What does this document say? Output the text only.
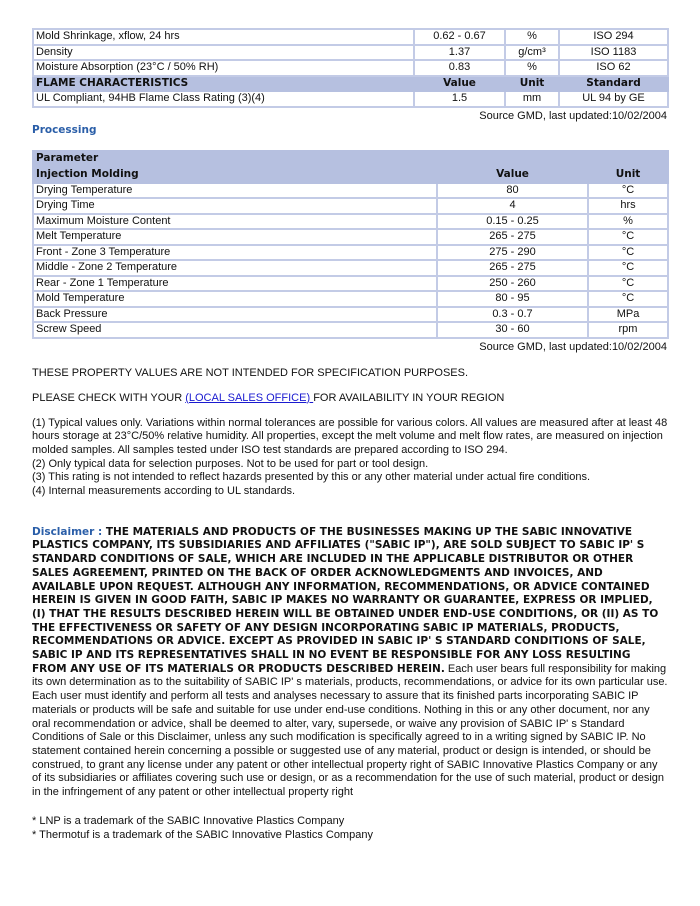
Mold Shrinkage, xflow, 24 hrs	0.62 - 0.67	%	ISO 294
Density	1.37	g/cm³	ISO 1183
Moisture Absorption (23°C / 50% RH)	0.83	%	ISO 62
FLAME CHARACTERISTICS	Value	Unit	Standard
UL Compliant, 94HB Flame Class Rating (3)(4)	1.5	mm	UL 94 by GE
Source GMD, last updated:10/02/2004
Processing
Parameter		
Injection Molding	Value	Unit
Drying Temperature	80	°C
Drying Time	4	hrs
Maximum Moisture Content	0.15 - 0.25	%
Melt Temperature	265 - 275	°C
Front - Zone 3 Temperature	275 - 290	°C
Middle - Zone 2 Temperature	265 - 275	°C
Rear - Zone 1 Temperature	250 - 260	°C
Mold Temperature	80 - 95	°C
Back Pressure	0.3 - 0.7	MPa
Screw Speed	30 - 60	rpm
Source GMD, last updated:10/02/2004

THESE PROPERTY VALUES ARE NOT INTENDED FOR SPECIFICATION PURPOSES.

PLEASE CHECK WITH YOUR (LOCAL SALES OFFICE) FOR AVAILABILITY IN YOUR REGION

(1) Typical values only. Variations within normal tolerances are possible for various colors. All values are measured after at least 48 hours storage at 23°C/50% relative humidity. All properties, except the melt volume and melt flow rates, are measured on injection molded samples. All samples tested under ISO test standards are prepared according to ISO 294.

(2) Only typical data for selection purposes. Not to be used for part or tool design.

(3) This rating is not intended to reflect hazards presented by this or any other material under actual fire conditions.

(4) Internal measurements according to UL standards.

Disclaimer : THE MATERIALS AND PRODUCTS OF THE BUSINESSES MAKING UP THE SABIC INNOVATIVE PLASTICS COMPANY, ITS SUBSIDIARIES AND AFFILIATES ("SABIC IP"), ARE SOLD SUBJECT TO SABIC IP' S STANDARD CONDITIONS OF SALE, WHICH ARE INCLUDED IN THE APPLICABLE DISTRIBUTOR OR OTHER SALES AGREEMENT, PRINTED ON THE BACK OF ORDER ACKNOWLEDGMENTS AND INVOICES, AND AVAILABLE UPON REQUEST. ALTHOUGH ANY INFORMATION, RECOMMENDATIONS, OR ADVICE CONTAINED HEREIN IS GIVEN IN GOOD FAITH, SABIC IP MAKES NO WARRANTY OR GUARANTEE, EXPRESS OR IMPLIED, (I) THAT THE RESULTS DESCRIBED HEREIN WILL BE OBTAINED UNDER END-USE CONDITIONS, OR (II) AS TO THE EFFECTIVENESS OR SAFETY OF ANY DESIGN INCORPORATING SABIC IP MATERIALS, PRODUCTS, RECOMMENDATIONS OR ADVICE. EXCEPT AS PROVIDED IN SABIC IP' S STANDARD CONDITIONS OF SALE, SABIC IP AND ITS REPRESENTATIVES SHALL IN NO EVENT BE RESPONSIBLE FOR ANY LOSS RESULTING FROM ANY USE OF ITS MATERIALS OR PRODUCTS DESCRIBED HEREIN. Each user bears full responsibility for making its own determination as to the suitability of SABIC IP' s materials, products, recommendations, or advice for its own particular use. Each user must identify and perform all tests and analyses necessary to assure that its finished parts incorporating SABIC IP materials or products will be safe and suitable for use under end-use conditions. Nothing in this or any other document, nor any oral recommendation or advice, shall be deemed to alter, vary, supersede, or waive any provision of SABIC IP' s Standard Conditions of Sale or this Disclaimer, unless any such modification is specifically agreed to in a writing signed by SABIC IP. No statement contained herein concerning a possible or suggested use of any material, product or design is intended, or should be construed, to grant any license under any patent or other intellectual property right of SABIC Innovative Plastics Company or any of its subsidiaries or affiliates covering such use or design, or as a recommendation for the use of such material, product or design in the infringement of any patent or other intellectual property right

* LNP is a trademark of the SABIC Innovative Plastics Company

* Thermotuf is a trademark of the SABIC Innovative Plastics Company
